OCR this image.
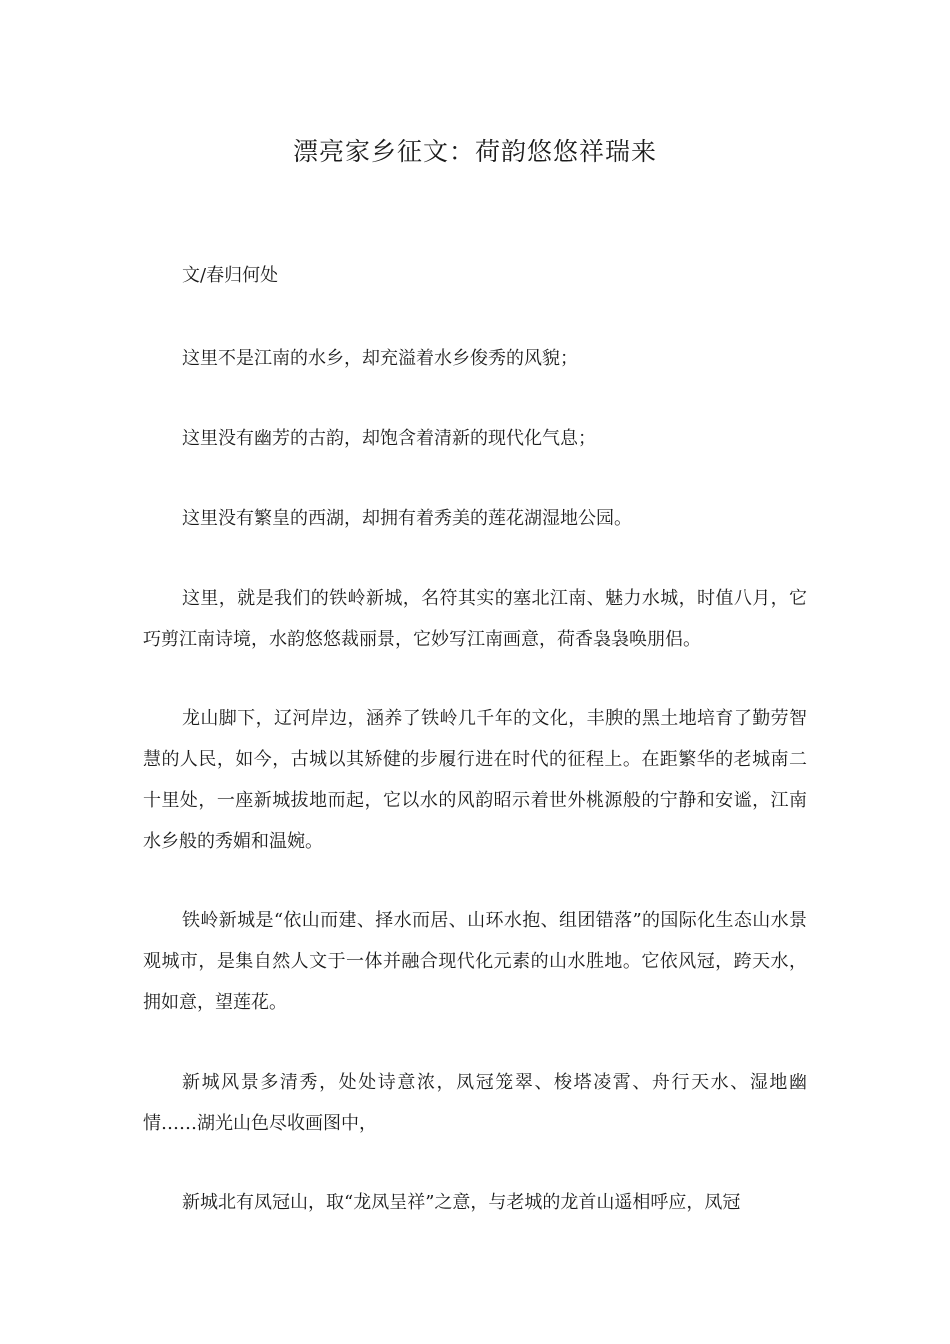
漂亮家乡征文：荷韵悠悠祥瑞来
文/春归何处

这里不是江南的水乡，却充溢着水乡俊秀的风貌；

这里没有幽芳的古韵，却饱含着清新的现代化气息；

这里没有繁皇的西湖，却拥有着秀美的莲花湖湿地公园。

这里，就是我们的铁岭新城，名符其实的塞北江南、魅力水城，时值八月，它巧剪江南诗境，水韵悠悠裁丽景，它妙写江南画意，荷香袅袅唤朋侣。

龙山脚下，辽河岸边，涵养了铁岭几千年的文化，丰腴的黑土地培育了勤劳智慧的人民，如今，古城以其矫健的步履行进在时代的征程上。在距繁华的老城南二十里处，一座新城拔地而起，它以水的风韵昭示着世外桃源般的宁静和安谧，江南水乡般的秀媚和温婉。

铁岭新城是“依山而建、择水而居、山环水抱、组团错落”的国际化生态山水景观城市，是集自然人文于一体并融合现代化元素的山水胜地。它依风冠，跨天水，拥如意，望莲花。

新城风景多清秀，处处诗意浓，凤冠笼翠、梭塔凌霄、舟行天水、湿地幽情……湖光山色尽收画图中，

新城北有凤冠山，取“龙凤呈祥”之意，与老城的龙首山遥相呼应，凤冠
